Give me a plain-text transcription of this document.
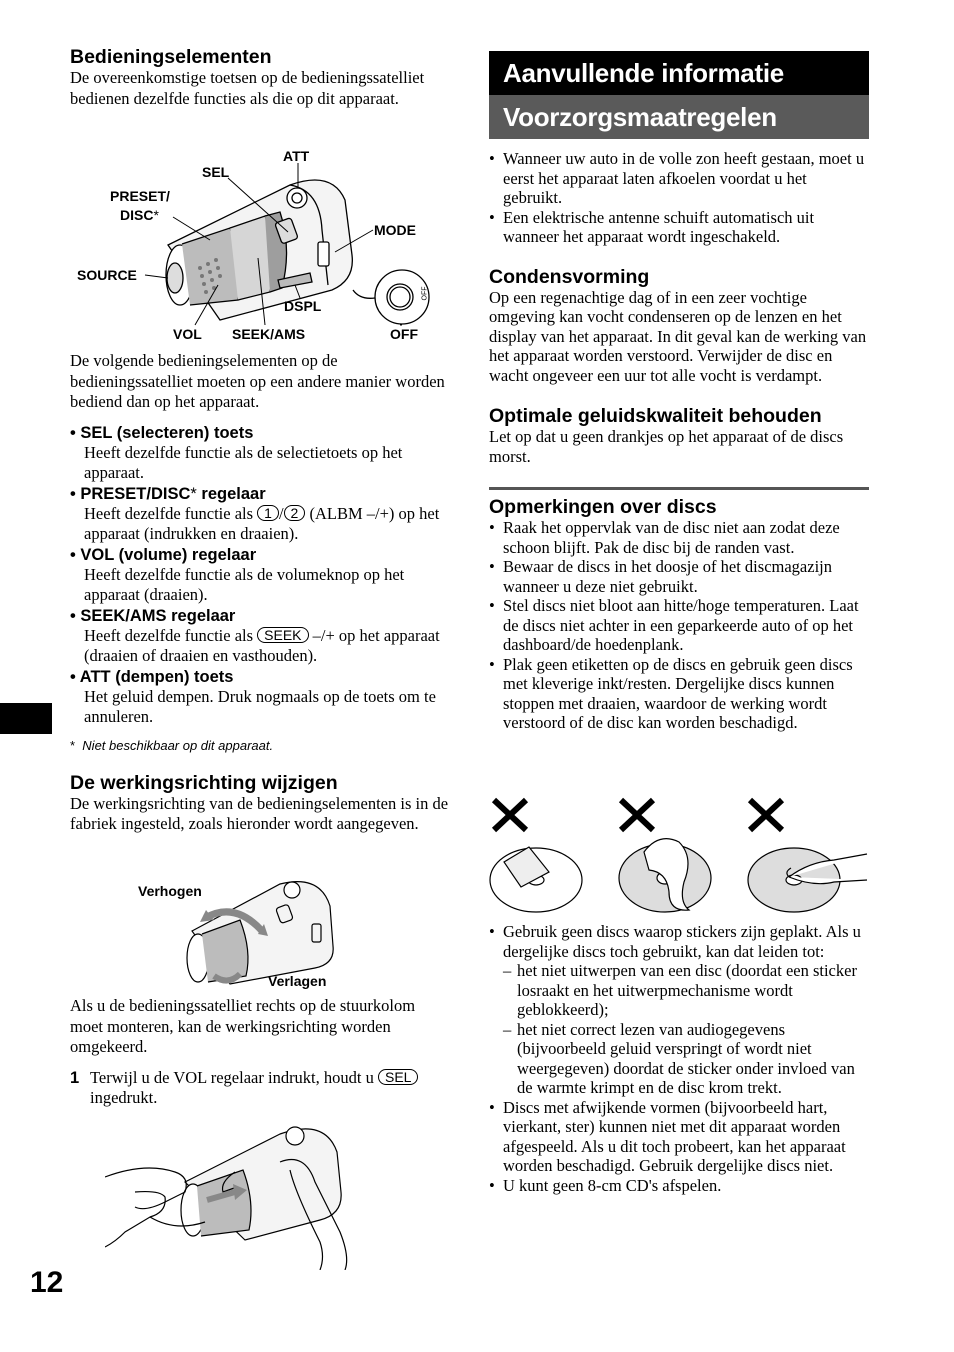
12
Bedieningselementen

De overeenkomstige toetsen op de bedieningssatelliet bedienen dezelfde functies als die op dit apparaat.

ATT
SEL
PRESET/
DISC*
MODE
SOURCE
DSPL
VOL SEEK/AMS	OFF
OFF

De volgende bedieningselementen op de bedieningssatelliet moeten op een andere manier worden bediend dan op het apparaat.

• SEL (selecteren) toets
Heeft dezelfde functie als de selectietoets op het apparaat.
• PRESET/DISC* regelaar
Heeft dezelfde functie als 1 / 2 (ALBM –/+) op het apparaat (indrukken en draaien).
• VOL (volume) regelaar
Heeft dezelfde functie als de volumeknop op het apparaat (draaien).
• SEEK/AMS regelaar
Heeft dezelfde functie als SEEK –/+ op het apparaat (draaien of draaien en vasthouden).
• ATT (dempen) toets
Het geluid dempen. Druk nogmaals op de toets om te annuleren.
* Niet beschikbaar op dit apparaat.
De werkingsrichting wijzigen

De werkingsrichting van de bedieningselementen is in de fabriek ingesteld, zoals hieronder wordt aangegeven.

Verhogen
Verlagen

Als u de bedieningssatelliet rechts op de stuurkolom moet monteren, kan de werkingsrichting worden omgekeerd.

1 Terwijl u de VOL regelaar indrukt, houdt u SEL ingedrukt.
Aanvullende informatie
Voorzorgsmaatregelen
• Wanneer uw auto in de volle zon heeft gestaan, moet u eerst het apparaat laten afkoelen voordat u het gebruikt.
• Een elektrische antenne schuift automatisch uit wanneer het apparaat wordt ingeschakeld.
Condensvorming

Op een regenachtige dag of in een zeer vochtige omgeving kan vocht condenseren op de lenzen en het display van het apparaat. In dit geval kan de werking van het apparaat worden verstoord. Verwijder de disc en wacht ongeveer een uur tot alle vocht is verdampt.

Optimale geluidskwaliteit behouden

Let op dat u geen drankjes op het apparaat of de discs morst.

Opmerkingen over discs
• Raak het oppervlak van de disc niet aan zodat deze schoon blijft. Pak de disc bij de randen vast.
• Bewaar de discs in het doosje of het discmagazijn wanneer u deze niet gebruikt.
• Stel discs niet bloot aan hitte/hoge temperaturen. Laat de discs niet achter in een geparkeerde auto of op het dashboard/de hoedenplank.
• Plak geen etiketten op de discs en gebruik geen discs met kleverige inkt/resten. Dergelijke discs kunnen stoppen met draaien, waardoor de werking wordt verstoord of de disc kan worden beschadigd.
• Gebruik geen discs waarop stickers zijn geplakt. Als u dergelijke discs toch gebruikt, kan dat leiden tot:
– het niet uitwerpen van een disc (doordat een sticker losraakt en het uitwerpmechanisme wordt geblokkeerd);
– het niet correct lezen van audiogegevens (bijvoorbeeld geluid verspringt of wordt niet weergegeven) doordat de sticker onder invloed van de warmte krimpt en de disc krom trekt.
• Discs met afwijkende vormen (bijvoorbeeld hart, vierkant, ster) kunnen niet met dit apparaat worden afgespeeld. Als u dit toch probeert, kan het apparaat worden beschadigd. Gebruik dergelijke discs niet.
• U kunt geen 8-cm CD's afspelen.
